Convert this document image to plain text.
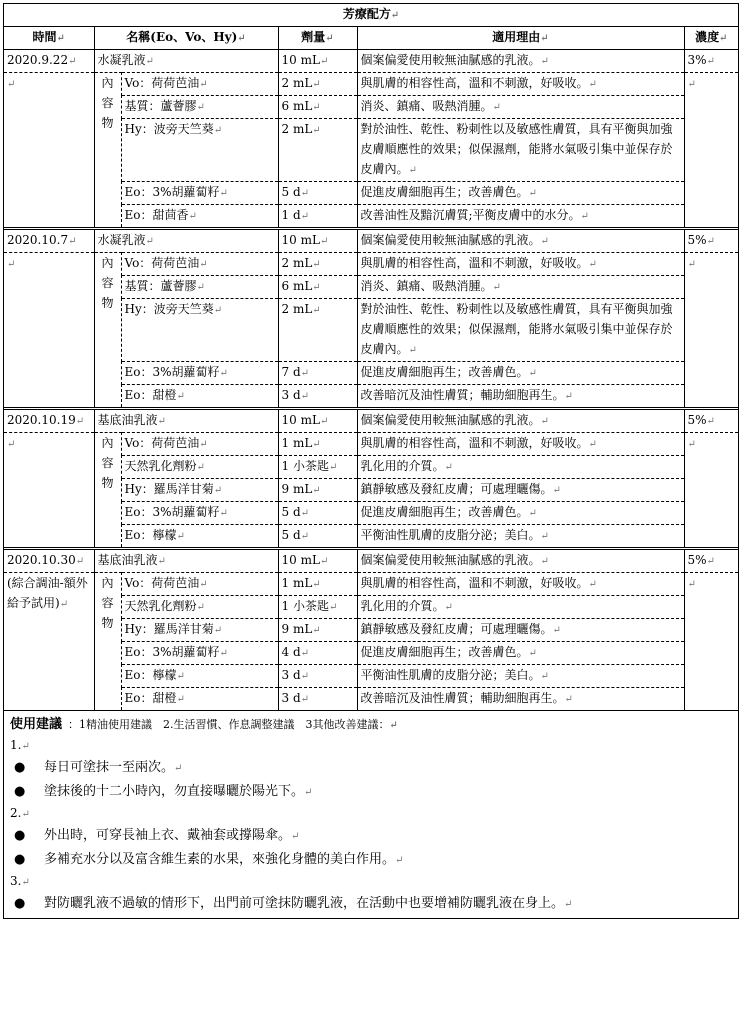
芳療配方↵					
時間↵	名稱(Eo、Vo、Hy)↵		劑量↵	適用理由↵	濃度↵
2020.9.22↵	水凝乳液↵		10 mL↵	個案偏愛使用較無油膩感的乳液。↵	3%↵
↵	內
容
物	Vo：荷荷芭油↵	2 mL↵	與肌膚的相容性高，溫和不刺激，好吸收。↵	↵
		基質：蘆薈膠↵	6 mL↵	消炎、鎮痛、吸熱消腫。↵	
		Hy：波旁天竺葵↵	2 mL↵	對於油性、乾性、粉刺性以及敏感性膚質，具有平衡與加強皮膚順應性的效果；似保濕劑，能將水氣吸引集中並保存於皮膚內。↵	
		Eo：3%胡蘿蔔籽↵	5 d↵	促進皮膚細胞再生；改善膚色。↵	
		Eo：甜茴香↵	1 d↵	改善油性及黯沉膚質;平衡皮膚中的水分。↵	
2020.10.7↵	水凝乳液↵		10 mL↵	個案偏愛使用較無油膩感的乳液。↵	5%↵
↵	內
容
物	Vo：荷荷芭油↵	2 mL↵	與肌膚的相容性高，溫和不刺激，好吸收。↵	↵
		基質：蘆薈膠↵	6 mL↵	消炎、鎮痛、吸熱消腫。↵	
		Hy：波旁天竺葵↵	2 mL↵	對於油性、乾性、粉刺性以及敏感性膚質，具有平衡與加強皮膚順應性的效果；似保濕劑，能將水氣吸引集中並保存於皮膚內。↵	
		Eo：3%胡蘿蔔籽↵	7 d↵	促進皮膚細胞再生；改善膚色。↵	
		Eo：甜橙↵	3 d↵	改善暗沉及油性膚質；輔助細胞再生。↵	
2020.10.19↵	基底油乳液↵		10 mL↵	個案偏愛使用較無油膩感的乳液。↵	5%↵
↵	內
容
物	Vo：荷荷芭油↵	1 mL↵	與肌膚的相容性高，溫和不刺激，好吸收。↵	↵
		天然乳化劑粉↵	1 小茶匙↵	乳化用的介質。↵	
		Hy：羅馬洋甘菊↵	9 mL↵	鎮靜敏感及發紅皮膚；可處理曬傷。↵	
		Eo：3%胡蘿蔔籽↵	5 d↵	促進皮膚細胞再生；改善膚色。↵	
		Eo：檸檬↵	5 d↵	平衡油性肌膚的皮脂分泌；美白。↵	
2020.10.30↵	基底油乳液↵		10 mL↵	個案偏愛使用較無油膩感的乳液。↵	5%↵
(綜合調油-額外給予試用)↵	內
容
物	Vo：荷荷芭油↵	1 mL↵	與肌膚的相容性高，溫和不刺激，好吸收。↵	↵
		天然乳化劑粉↵	1 小茶匙↵	乳化用的介質。↵	
		Hy：羅馬洋甘菊↵	9 mL↵	鎮靜敏感及發紅皮膚；可處理曬傷。↵	
		Eo：3%胡蘿蔔籽↵	4 d↵	促進皮膚細胞再生；改善膚色。↵	
		Eo：檸檬↵	3 d↵	平衡油性肌膚的皮脂分泌；美白。↵	
		Eo：甜橙↵	3 d↵	改善暗沉及油性膚質；輔助細胞再生。↵	
使用建議 ：1精油使用建議　2.生活習慣、作息調整建議　3其他改善建議：↵
1.↵
● 每日可塗抹一至兩次。↵
● 塗抹後的十二小時內，勿直接曝曬於陽光下。↵
2.↵
● 外出時，可穿長袖上衣、戴袖套或撐陽傘。↵
● 多補充水分以及富含維生素的水果，來強化身體的美白作用。↵
3.↵
● 對防曬乳液不過敏的情形下，出門前可塗抹防曬乳液，在活動中也要增補防曬乳液在身上。↵
